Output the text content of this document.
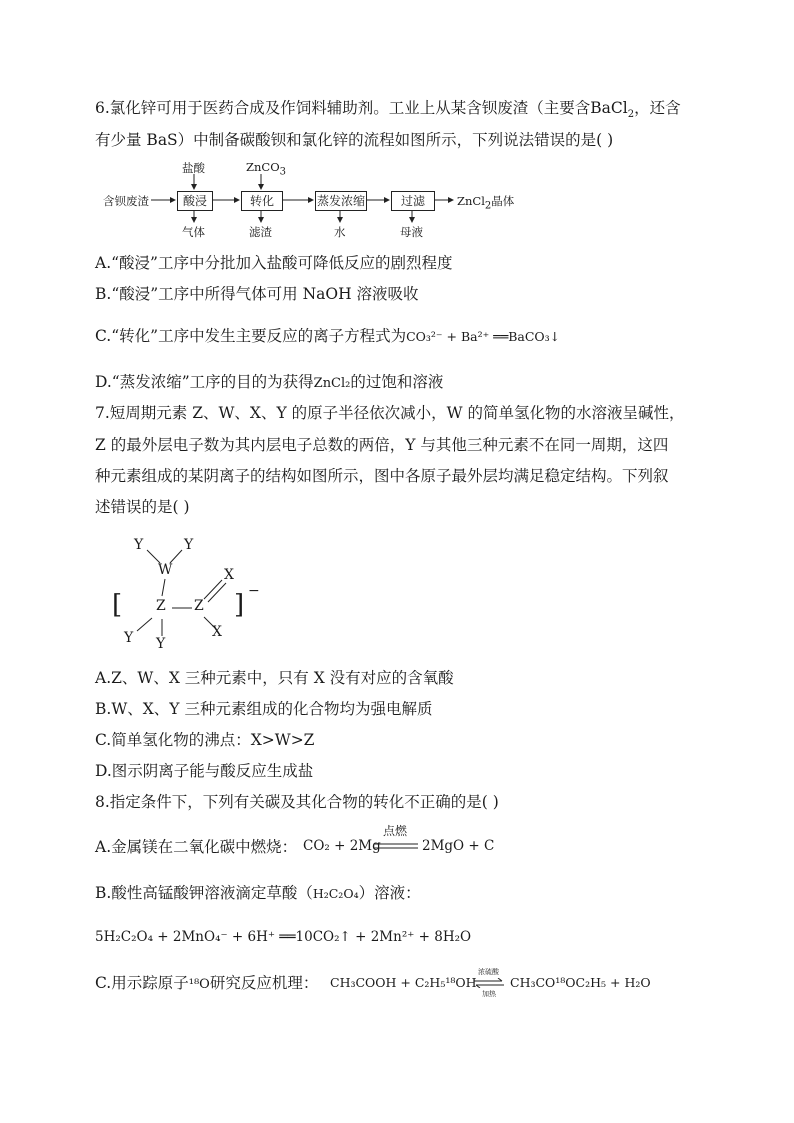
6.氯化锌可用于医药合成及作饲料辅助剂。工业上从某含钡废渣（主要含BaCl$_2$，还含
有少量 BaS）中制备碳酸钡和氯化锌的流程如图所示，下列说法错误的是( )
含钡废渣	酸浸	转化	蒸发浓缩	过滤	ZnCl$_2$晶体
盐酸	ZnCO$_3$
气体	滤渣	水	母液
A.“酸浸”工序中分批加入盐酸可降低反应的剧烈程度
B.“酸浸”工序中所得气体可用 NaOH 溶液吸收
C.“转化”工序中发生主要反应的离子方程式为CO₃²⁻ + Ba²⁺ ══BaCO₃↓
D.“蒸发浓缩”工序的目的为获得ZnCl₂的过饱和溶液
7.短周期元素 Z、W、X、Y 的原子半径依次减小，W 的简单氢化物的水溶液呈碱性，
Z 的最外层电子数为其内层电子总数的两倍，Y 与其他三种元素不在同一周期，这四
种元素组成的某阴离子的结构如图所示，图中各原子最外层均满足稳定结构。下列叙
述错误的是( )
Y	Y
W
Z Z
X
X
Y Y
[	] −
A.Z、W、X 三种元素中，只有 X 没有对应的含氧酸
B.W、X、Y 三种元素组成的化合物均为强电解质
C.简单氢化物的沸点：X>W>Z
D.图示阴离子能与酸反应生成盐
8.指定条件下，下列有关碳及其化合物的转化不正确的是( )
A.金属镁在二氧化碳中燃烧： CO₂ + 2Mg
点燃
2MgO + C
B.酸性高锰酸钾溶液滴定草酸（H₂C₂O₄）溶液：
5H₂C₂O₄ + 2MnO₄⁻ + 6H⁺ ══10CO₂↑ + 2Mn²⁺ + 8H₂O
C.用示踪原子¹⁸O研究反应机理： CH₃COOH + C₂H₅¹⁸OH
浓硫酸
加热
CH₃CO¹⁸OC₂H₅ + H₂O
